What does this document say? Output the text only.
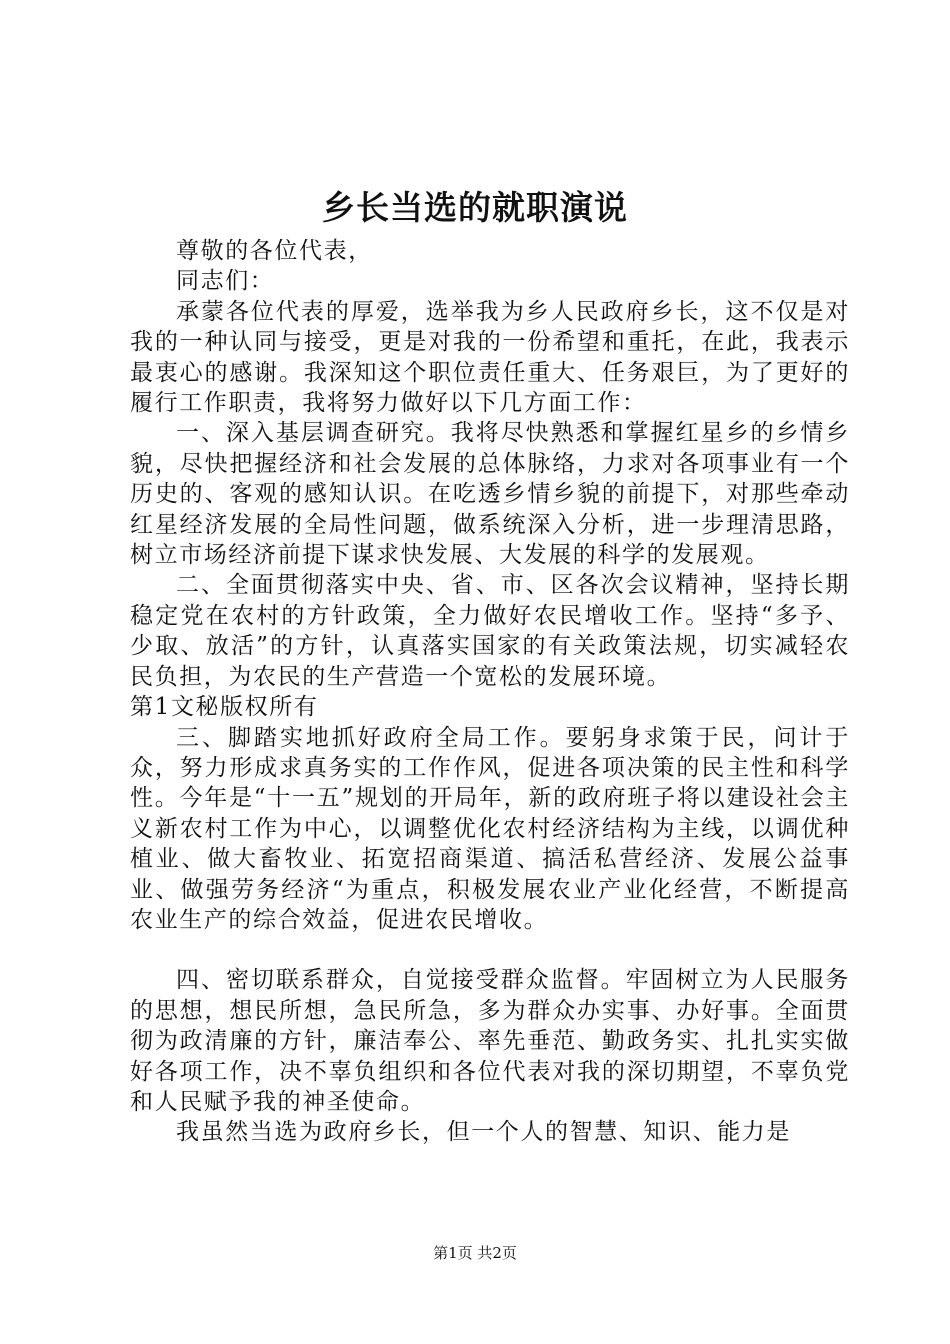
乡长当选的就职演说

尊敬的各位代表，

同志们：

承蒙各位代表的厚爱，选举我为乡人民政府乡长，这不仅是对我的一种认同与接受，更是对我的一份希望和重托，在此，我表示最衷心的感谢。我深知这个职位责任重大、任务艰巨，为了更好的履行工作职责，我将努力做好以下几方面工作：

一、深入基层调查研究。我将尽快熟悉和掌握红星乡的乡情乡貌，尽快把握经济和社会发展的总体脉络，力求对各项事业有一个历史的、客观的感知认识。在吃透乡情乡貌的前提下，对那些牵动红星经济发展的全局性问题，做系统深入分析，进一步理清思路，树立市场经济前提下谋求快发展、大发展的科学的发展观。

二、全面贯彻落实中央、省、市、区各次会议精神，坚持长期稳定党在农村的方针政策，全力做好农民增收工作。坚持“多予、少取、放活”的方针，认真落实国家的有关政策法规，切实减轻农民负担，为农民的生产营造一个宽松的发展环境。

第1文秘版权所有

三、脚踏实地抓好政府全局工作。要躬身求策于民，问计于众，努力形成求真务实的工作作风，促进各项决策的民主性和科学性。今年是“十一五”规划的开局年，新的政府班子将以建设社会主义新农村工作为中心，以调整优化农村经济结构为主线，以调优种植业、做大畜牧业、拓宽招商渠道、搞活私营经济、发展公益事业、做强劳务经济“为重点，积极发展农业产业化经营，不断提高农业生产的综合效益，促进农民增收。

四、密切联系群众，自觉接受群众监督。牢固树立为人民服务的思想，想民所想，急民所急，多为群众办实事、办好事。全面贯彻为政清廉的方针，廉洁奉公、率先垂范、勤政务实、扎扎实实做好各项工作，决不辜负组织和各位代表对我的深切期望，不辜负党和人民赋予我的神圣使命。

我虽然当选为政府乡长，但一个人的智慧、知识、能力是

第1页 共2页
